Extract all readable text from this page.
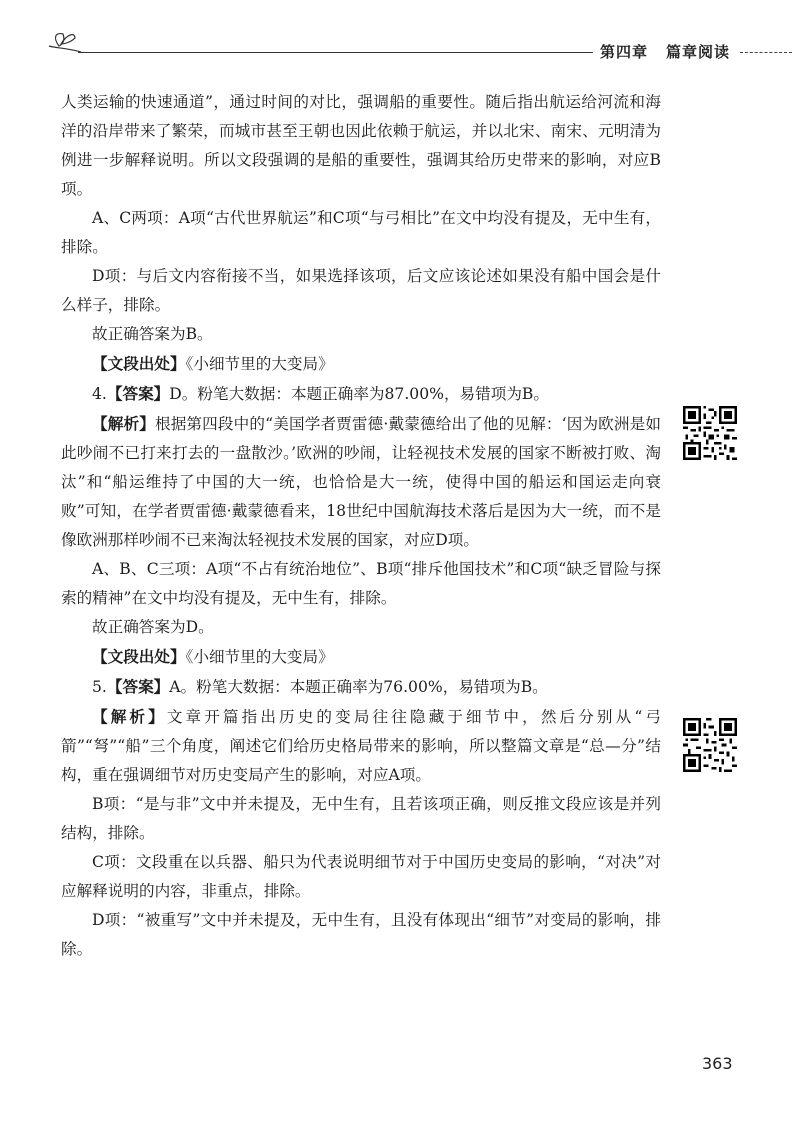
第四章 篇章阅读

人类运输的快速通道”，通过时间的对比，强调船的重要性。随后指出航运给河流和海洋的沿岸带来了繁荣，而城市甚至王朝也因此依赖于航运，并以北宋、南宋、元明清为例进一步解释说明。所以文段强调的是船的重要性，强调其给历史带来的影响，对应B项。

A、C两项：A项“古代世界航运”和C项“与弓相比”在文中均没有提及，无中生有，排除。

D项：与后文内容衔接不当，如果选择该项，后文应该论述如果没有船中国会是什么样子，排除。

故正确答案为B。

【文段出处】《小细节里的大变局》

4.【答案】D。粉笔大数据：本题正确率为87.00%，易错项为B。

【解析】根据第四段中的“美国学者贾雷德·戴蒙德给出了他的见解：‘因为欧洲是如此吵闹不已打来打去的一盘散沙。’欧洲的吵闹，让轻视技术发展的国家不断被打败、淘汰”和“船运维持了中国的大一统，也恰恰是大一统，使得中国的船运和国运走向衰败”可知，在学者贾雷德·戴蒙德看来，18世纪中国航海技术落后是因为大一统，而不是像欧洲那样吵闹不已来淘汰轻视技术发展的国家，对应D项。

A、B、C三项：A项“不占有统治地位”、B项“排斥他国技术”和C项“缺乏冒险与探索的精神”在文中均没有提及，无中生有，排除。

故正确答案为D。

【文段出处】《小细节里的大变局》

5.【答案】A。粉笔大数据：本题正确率为76.00%，易错项为B。

【解析】文章开篇指出历史的变局往往隐藏于细节中，然后分别从“弓箭”“弩”“船”三个角度，阐述它们给历史格局带来的影响，所以整篇文章是“总—分”结构，重在强调细节对历史变局产生的影响，对应A项。

B项：“是与非”文中并未提及，无中生有，且若该项正确，则反推文段应该是并列结构，排除。

C项：文段重在以兵器、船只为代表说明细节对于中国历史变局的影响，“对决”对应解释说明的内容，非重点，排除。

D项：“被重写”文中并未提及，无中生有，且没有体现出“细节”对变局的影响，排除。

363
